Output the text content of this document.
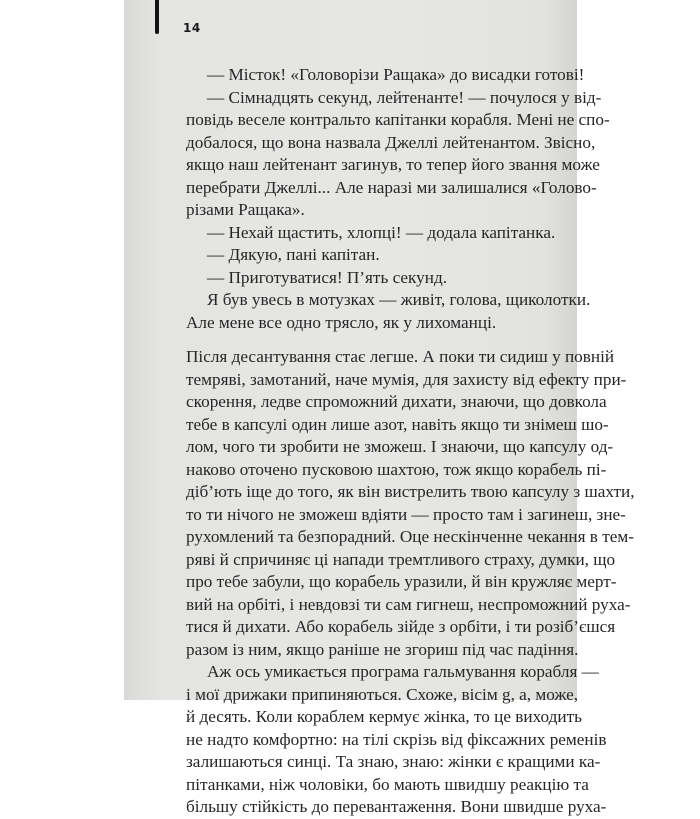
14
— Місток! «Головорізи Ращака» до висадки готові!
— Сімнадцять секунд, лейтенанте! — почулося у від-
повідь веселе контральто капітанки корабля. Мені не спо-
добалося, що вона назвала Джеллі лейтенантом. Звісно,
якщо наш лейтенант загинув, то тепер його звання може
перебрати Джеллі... Але наразі ми залишалися «Голово-
різами Ращака».
— Нехай щастить, хлопці! — додала капітанка.
— Дякую, пані капітан.
— Приготуватися! П’ять секунд.
Я був увесь в мотузках — живіт, голова, щиколотки.
Але мене все одно трясло, як у лихоманці.
Після десантування стає легше. А поки ти сидиш у повній
темряві, замотаний, наче мумія, для захисту від ефекту при-
скорення, ледве спроможний дихати, знаючи, що довкола
тебе в капсулі один лише азот, навіть якщо ти знімеш шо-
лом, чого ти зробити не зможеш. І знаючи, що капсулу од-
наково оточено пусковою шахтою, тож якщо корабель пі-
діб’ють іще до того, як він вистрелить твою капсулу з шахти,
то ти нічого не зможеш вдіяти — просто там і загинеш, зне-
рухомлений та безпорадний. Оце нескінченне чекання в тем-
ряві й спричиняє ці напади тремтливого страху, думки, що
про тебе забули, що корабель уразили, й він кружляє мерт-
вий на орбіті, і невдовзі ти сам гигнеш, неспроможний руха-
тися й дихати. Або корабель зійде з орбіти, і ти розіб’єшся
разом із ним, якщо раніше не згориш під час падіння.
Аж ось умикається програма гальмування корабля —
і мої дрижаки припиняються. Схоже, вісім g, а, може,
й десять. Коли кораблем кермує жінка, то це виходить
не надто комфортно: на тілі скрізь від фіксажних ременів
залишаються синці. Та знаю, знаю: жінки є кращими ка-
пітанками, ніж чоловіки, бо мають швидшу реакцію та
більшу стійкість до перевантаження. Вони швидше руха-
